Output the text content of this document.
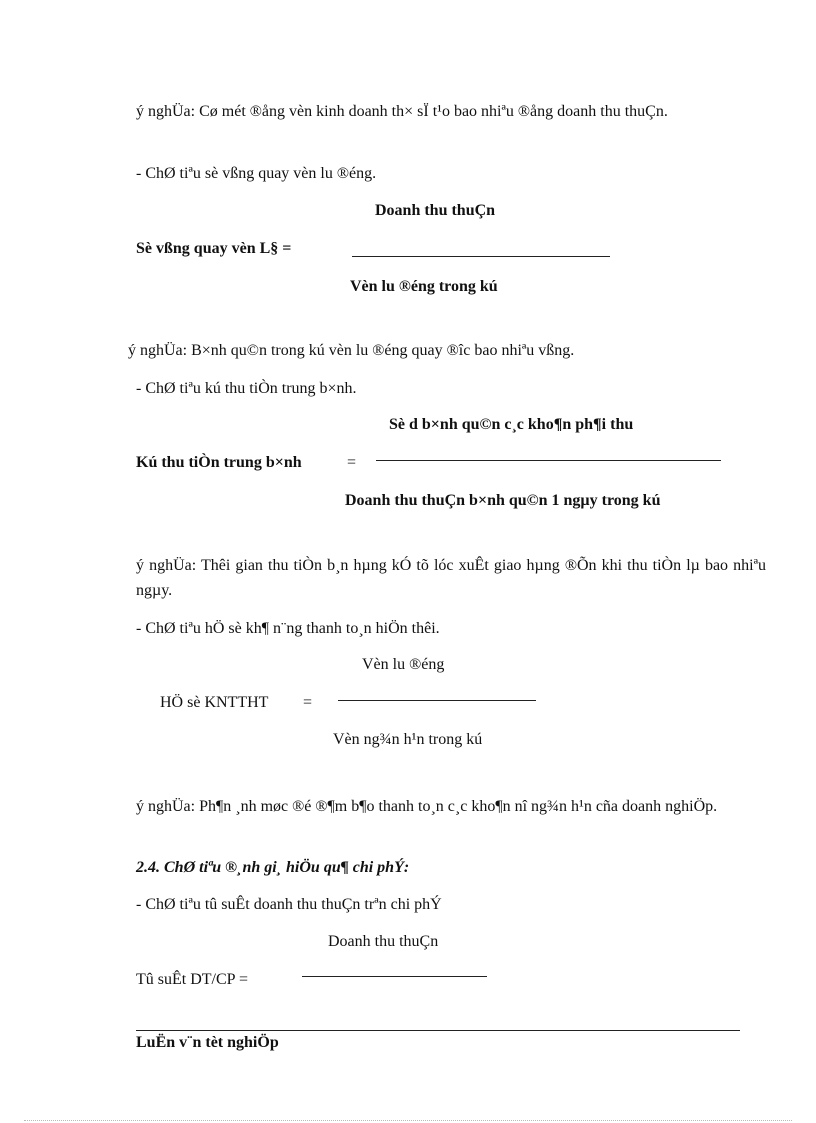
ý nghÜa: Cø mét ®ång vèn kinh doanh th× sÏ t¹o bao nhiªu ®ång doanh thu thuÇn.
- ChØ tiªu sè vßng quay vèn lu ®éng.
Doanh thu thuÇn
Sè vßng quay vèn L§ =
Vèn lu ®éng trong kú
ý nghÜa: B×nh qu©n trong kú vèn lu ®éng quay ®îc bao nhiªu vßng.
- ChØ tiªu kú thu tiÒn trung b×nh.
Sè d b×nh qu©n c¸c kho¶n ph¶i thu
Kú thu tiÒn trung b×nh	=
Doanh thu thuÇn b×nh qu©n 1 ngµy trong kú
ý nghÜa: Thêi gian thu tiÒn b¸n hµng kÓ tõ lóc xuÊt giao hµng ®Õn khi thu tiÒn lµ bao nhiªu ngµy.
- ChØ tiªu hÖ sè kh¶ n¨ng thanh to¸n hiÖn thêi.
Vèn lu ®éng
HÖ sè KNTTHT =
Vèn ng¾n h¹n trong kú
ý nghÜa: Ph¶n ¸nh møc ®é ®¶m b¶o thanh to¸n c¸c kho¶n nî ng¾n h¹n cña doanh nghiÖp.
2.4. ChØ tiªu ®¸nh gi¸ hiÖu qu¶ chi phÝ:
- ChØ tiªu tû suÊt doanh thu thuÇn trªn chi phÝ
Doanh thu thuÇn
Tû suÊt DT/CP =
LuËn v¨n tèt nghiÖp
